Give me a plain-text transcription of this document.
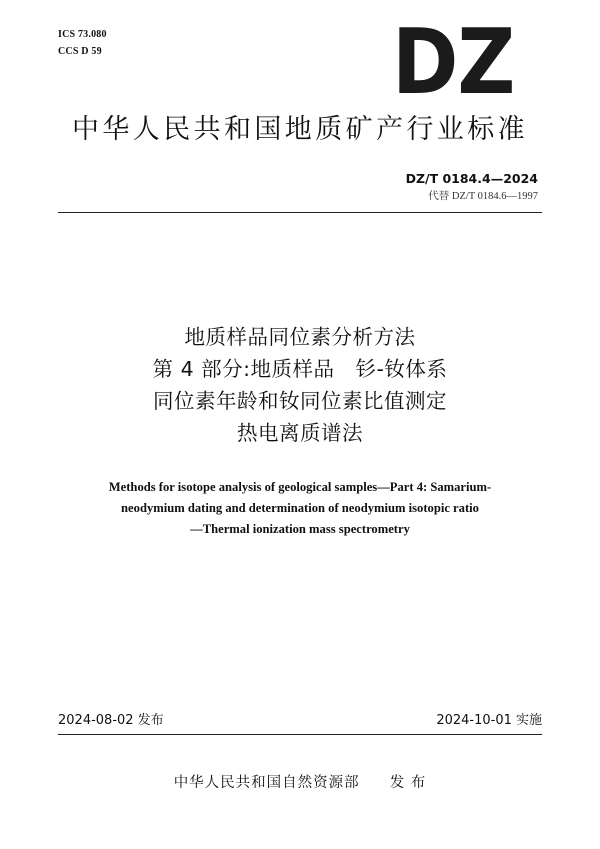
ICS 73.080
CCS D 59	DZ
中华人民共和国地质矿产行业标准
DZ/T 0184.4—2024
代替 DZ/T 0184.6—1997
地质样品同位素分析方法
第 4 部分:地质样品　钐-钕体系
同位素年龄和钕同位素比值测定
热电离质谱法
Methods for isotope analysis of geological samples—Part 4: Samarium-
neodymium dating and determination of neodymium isotopic ratio
—Thermal ionization mass spectrometry
2024-08-02 发布	2024-10-01 实施
中华人民共和国自然资源部 发 布
